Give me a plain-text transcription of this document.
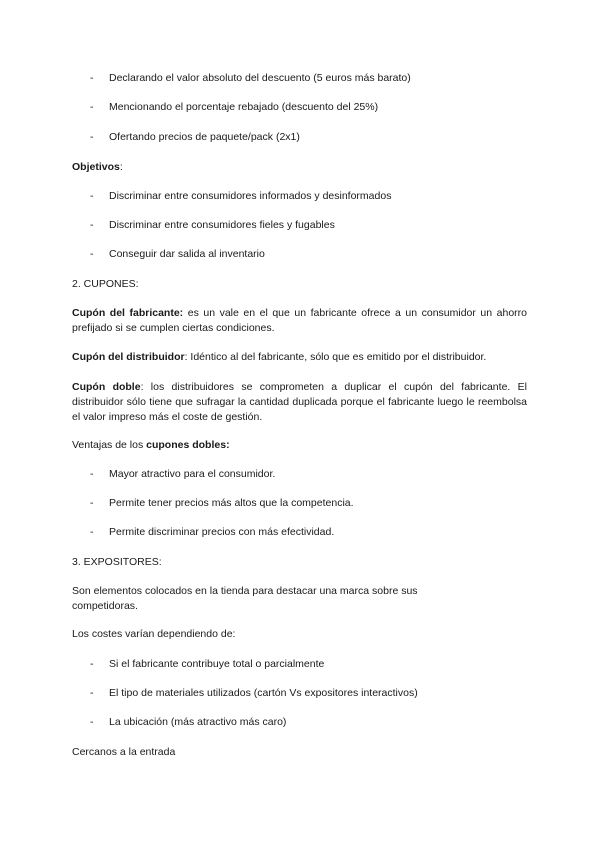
- Declarando el valor absoluto del descuento (5 euros más barato)
- Mencionando el porcentaje rebajado (descuento del 25%)
- Ofertando precios de paquete/pack (2x1)
Objetivos:
- Discriminar entre consumidores informados y desinformados
- Discriminar entre consumidores fieles y fugables
- Conseguir dar salida al inventario
2. CUPONES:
Cupón del fabricante: es un vale en el que un fabricante ofrece a un consumidor un ahorro prefijado si se cumplen ciertas condiciones.
Cupón del distribuidor: Idéntico al del fabricante, sólo que es emitido por el distribuidor.
Cupón doble: los distribuidores se comprometen a duplicar el cupón del fabricante. El distribuidor sólo tiene que sufragar la cantidad duplicada porque el fabricante luego le reembolsa el valor impreso más el coste de gestión.
Ventajas de los cupones dobles:
- Mayor atractivo para el consumidor.
- Permite tener precios más altos que la competencia.
- Permite discriminar precios con más efectividad.
3. EXPOSITORES:
Son elementos colocados en la tienda para destacar una marca sobre sus competidoras.
Los costes varían dependiendo de:
- Si el fabricante contribuye total o parcialmente
- El tipo de materiales utilizados (cartón Vs expositores interactivos)
- La ubicación (más atractivo más caro)
Cercanos a la entrada
